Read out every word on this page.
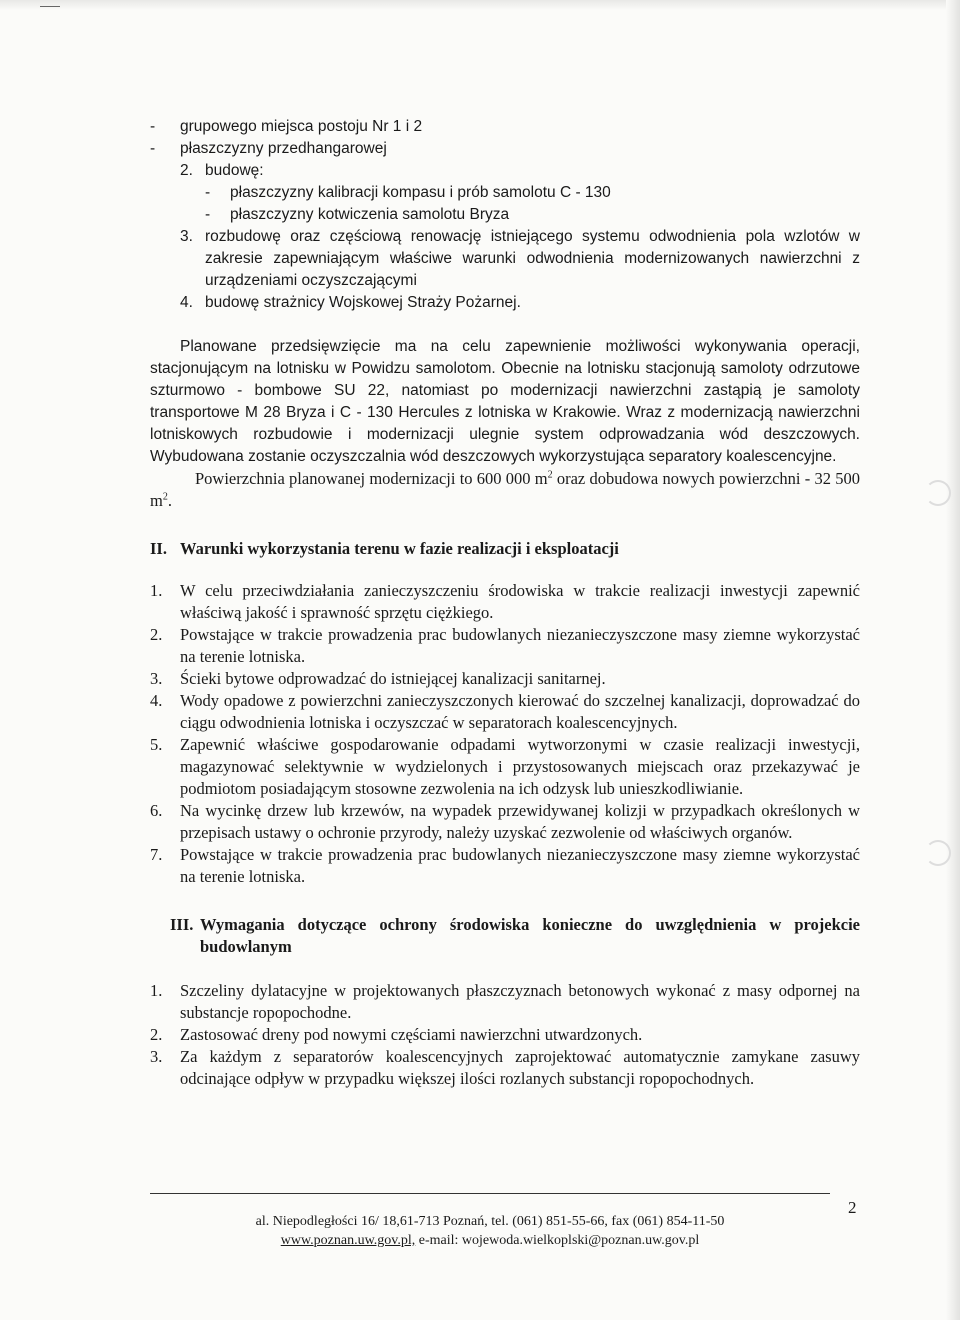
- grupowego miejsca postoju Nr 1 i 2
- płaszczyzny przedhangarowej
2. budowę:
- płaszczyzny kalibracji kompasu i prób samolotu C - 130
- płaszczyzny kotwiczenia samolotu Bryza
3. rozbudowę oraz częściową renowację istniejącego systemu odwodnienia pola wzlotów w zakresie zapewniającym właściwe warunki odwodnienia modernizowanych nawierzchni z urządzeniami oczyszczającymi
4. budowę strażnicy Wojskowej Straży Pożarnej.

Planowane przedsięwzięcie ma na celu zapewnienie możliwości wykonywania operacji, stacjonującym na lotnisku w Powidzu samolotom. Obecnie na lotnisku stacjonują samoloty odrzutowe szturmowo - bombowe SU 22, natomiast po modernizacji nawierzchni zastąpią je samoloty transportowe M 28 Bryza i C - 130 Hercules z lotniska w Krakowie. Wraz z modernizacją nawierzchni lotniskowych rozbudowie i modernizacji ulegnie system odprowadzania wód deszczowych. Wybudowana zostanie oczyszczalnia wód deszczowych wykorzystująca separatory koalescencyjne.

Powierzchnia planowanej modernizacji to 600 000 $m^2$ oraz dobudowa nowych powierzchni - 32 500 $m^2$.

II. Warunki wykorzystania terenu w fazie realizacji i eksploatacji
1.	W celu przeciwdziałania zanieczyszczeniu środowiska w trakcie realizacji inwestycji zapewnić właściwą jakość i sprawność sprzętu ciężkiego.
2.	Powstające w trakcie prowadzenia prac budowlanych niezanieczyszczone masy ziemne wykorzystać na terenie lotniska.
3.	Ścieki bytowe odprowadzać do istniejącej kanalizacji sanitarnej.
4.	Wody opadowe z powierzchni zanieczyszczonych kierować do szczelnej kanalizacji, doprowadzać do ciągu odwodnienia lotniska i oczyszczać w separatorach koalescencyjnych.
5.	Zapewnić właściwe gospodarowanie odpadami wytworzonymi w czasie realizacji inwestycji, magazynować selektywnie w wydzielonych i przystosowanych miejscach oraz przekazywać je podmiotom posiadającym stosowne zezwolenia na ich odzysk lub unieszkodliwianie.
6.	Na wycinkę drzew lub krzewów, na wypadek przewidywanej kolizji w przypadkach określonych w przepisach ustawy o ochronie przyrody, należy uzyskać zezwolenie od właściwych organów.
7.	Powstające w trakcie prowadzenia prac budowlanych niezanieczyszczone masy ziemne wykorzystać na terenie lotniska.
III. Wymagania dotyczące ochrony środowiska konieczne do uwzględnienia w projekcie budowlanym
1.	Szczeliny dylatacyjne w projektowanych płaszczyznach betonowych wykonać z masy odpornej na substancje ropopochodne.
2.	Zastosować dreny pod nowymi częściami nawierzchni utwardzonych.
3.	Za każdym z separatorów koalescencyjnych zaprojektować automatycznie zamykane zasuwy odcinające odpływ w przypadku większej ilości rozlanych substancji ropopochodnych.
2
al. Niepodległości 16/ 18,61-713 Poznań, tel. (061) 851-55-66, fax (061) 854-11-50
www.poznan.uw.gov.pl, e-mail: wojewoda.wielkoplski@poznan.uw.gov.pl
